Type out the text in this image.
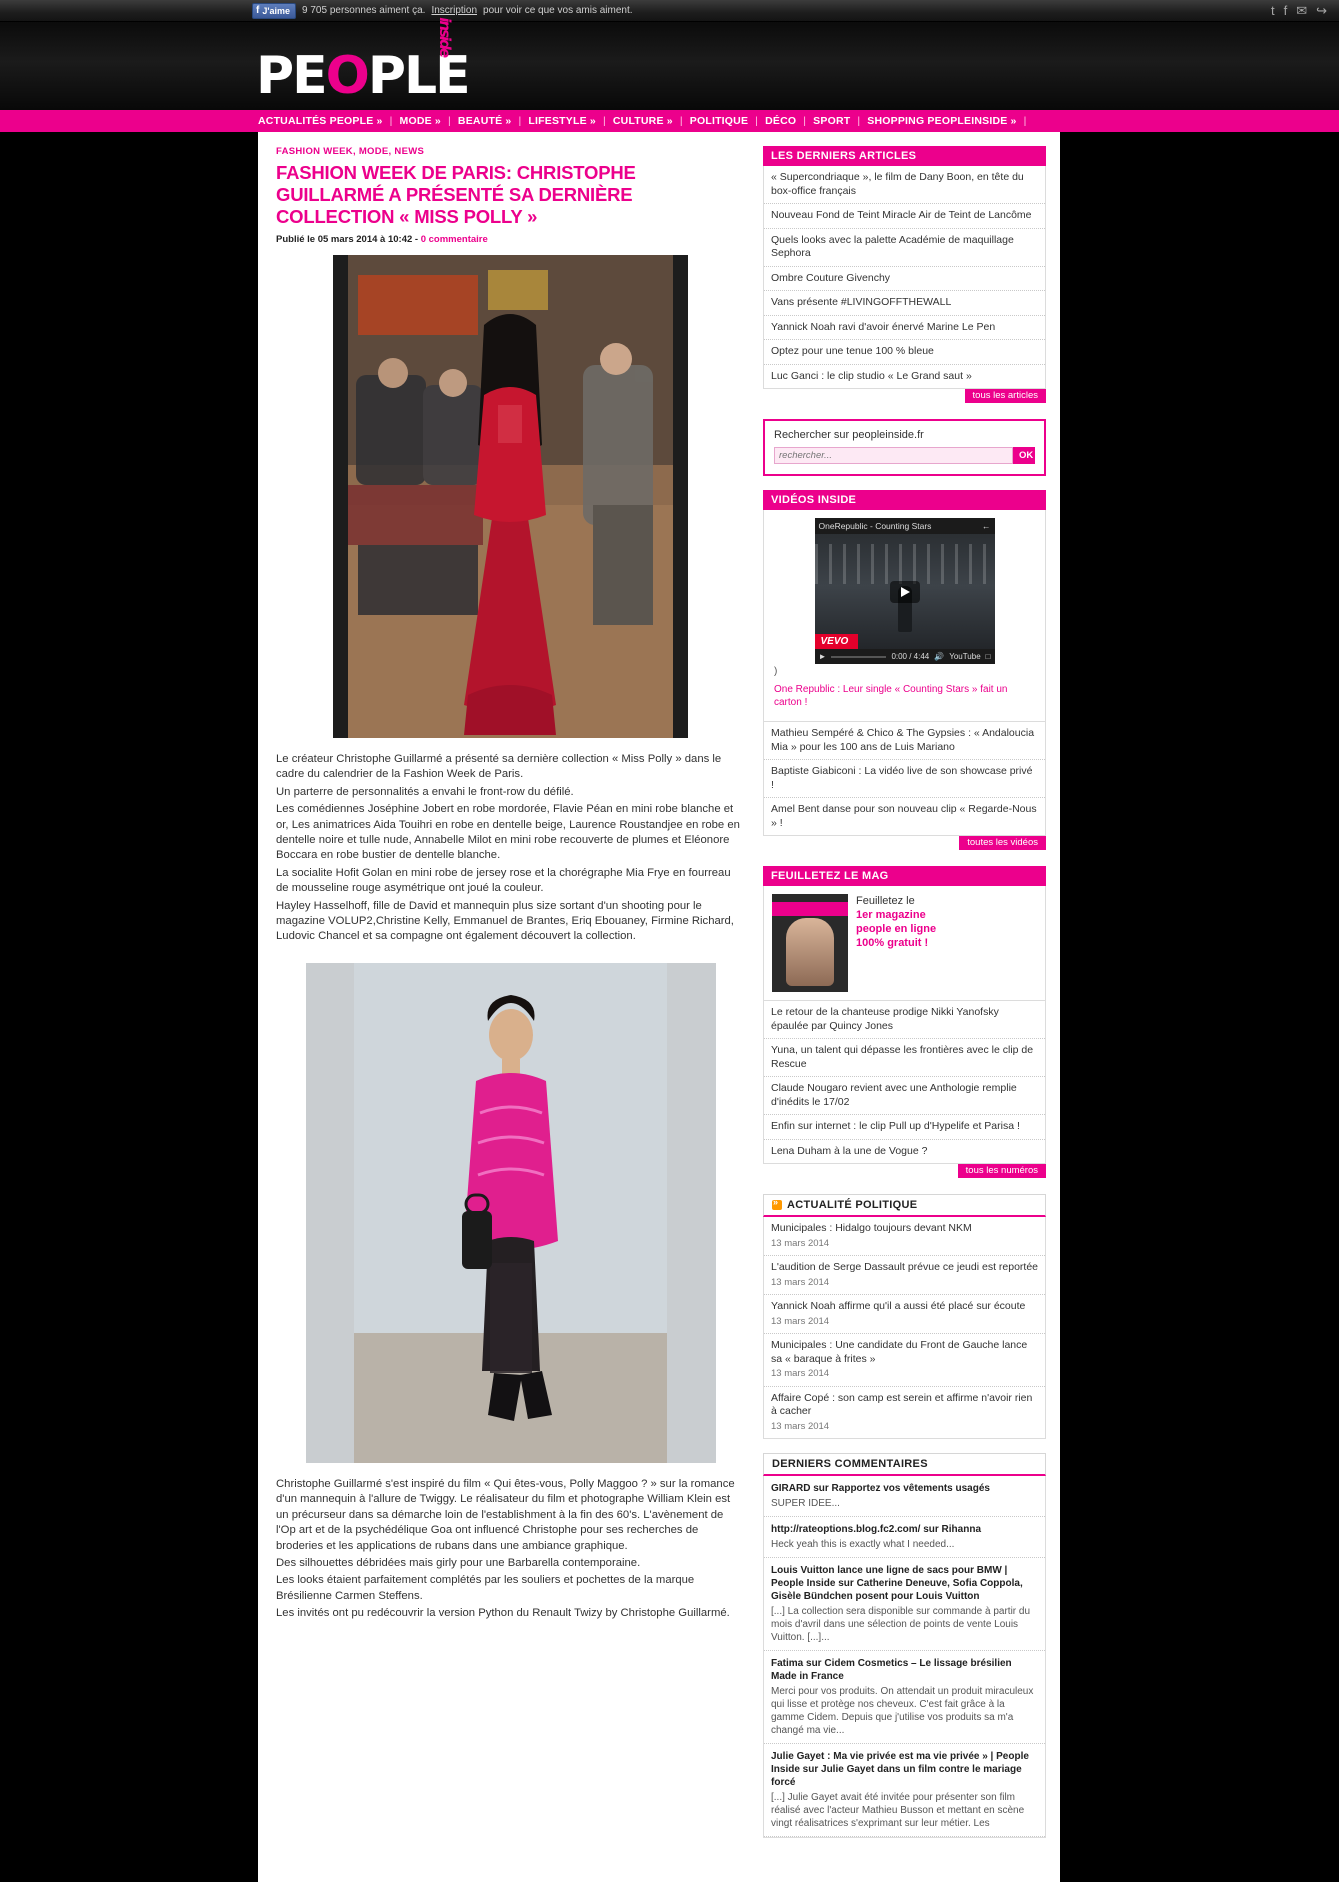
f J'aime 9 705 personnes aiment ça. Inscription pour voir ce que vos amis aiment.	t f ✉ ↪
PEOPLE
inside
ACTUALITÉS PEOPLE » | MODE » | BEAUTÉ » | LIFESTYLE » | CULTURE » | POLITIQUE | DÉCO | SPORT | SHOPPING PEOPLEINSIDE » |
FASHION WEEK, MODE, NEWS
FASHION WEEK DE PARIS: CHRISTOPHE GUILLARMÉ A PRÉSENTÉ SA DERNIÈRE COLLECTION « MISS POLLY »
Publié le 05 mars 2014 à 10:42 - 0 commentaire

Le créateur Christophe Guillarmé a présenté sa dernière collection « Miss Polly » dans le cadre du calendrier de la Fashion Week de Paris.

Un parterre de personnalités a envahi le front-row du défilé.

Les comédiennes Joséphine Jobert en robe mordorée, Flavie Péan en mini robe blanche et or, Les animatrices Aida Touihri en robe en dentelle beige, Laurence Roustandjee en robe en dentelle noire et tulle nude, Annabelle Milot en mini robe recouverte de plumes et Eléonore Boccara en robe bustier de dentelle blanche.

La socialite Hofit Golan en mini robe de jersey rose et la chorégraphe Mia Frye en fourreau de mousseline rouge asymétrique ont joué la couleur.

Hayley Hasselhoff, fille de David et mannequin plus size sortant d'un shooting pour le magazine VOLUP2,Christine Kelly, Emmanuel de Brantes, Eriq Ebouaney, Firmine Richard, Ludovic Chancel et sa compagne ont également découvert la collection.

Christophe Guillarmé s'est inspiré du film « Qui êtes-vous, Polly Maggoo ? » sur la romance d'un mannequin à l'allure de Twiggy. Le réalisateur du film et photographe William Klein est un précurseur dans sa démarche loin de l'establishment à la fin des 60's. L'avènement de l'Op art et de la psychédélique Goa ont influencé Christophe pour ses recherches de broderies et les applications de rubans dans une ambiance graphique.

Des silhouettes débridées mais girly pour une Barbarella contemporaine.

Les looks étaient parfaitement complétés par les souliers et pochettes de la marque Brésilienne Carmen Steffens.

Les invités ont pu redécouvrir la version Python du Renault Twizy by Christophe Guillarmé.

LES DERNIERS ARTICLES
« Supercondriaque », le film de Dany Boon, en tête du box-office français
Nouveau Fond de Teint Miracle Air de Teint de Lancôme
Quels looks avec la palette Académie de maquillage Sephora
Ombre Couture Givenchy
Vans présente #LIVINGOFFTHEWALL
Yannick Noah ravi d'avoir énervé Marine Le Pen
Optez pour une tenue 100 % bleue
Luc Ganci : le clip studio « Le Grand saut »
tous les articles
Rechercher sur peopleinside.fr
rechercher...
OK
VIDÉOS INSIDE
OneRepublic - Counting Stars	←
VEVO
►	0:00 / 4:44 🔊 YouTube □
)
One Republic : Leur single « Counting Stars » fait un carton !
Mathieu Sempéré & Chico & The Gypsies : « Andaloucia Mia » pour les 100 ans de Luis Mariano
Baptiste Giabiconi : La vidéo live de son showcase privé !
Amel Bent danse pour son nouveau clip « Regarde-Nous » !
toutes les vidéos
FEUILLETEZ LE MAG
Feuilletez le
1er magazine
people en ligne
100% gratuit !
Le retour de la chanteuse prodige Nikki Yanofsky épaulée par Quincy Jones
Yuna, un talent qui dépasse les frontières avec le clip de Rescue
Claude Nougaro revient avec une Anthologie remplie d'inédits le 17/02
Enfin sur internet : le clip Pull up d'Hypelife et Parisa !
Lena Duham à la une de Vogue ?
tous les numéros
»
ACTUALITÉ POLITIQUE
Municipales : Hidalgo toujours devant NKM
13 mars 2014
L'audition de Serge Dassault prévue ce jeudi est reportée
13 mars 2014
Yannick Noah affirme qu'il a aussi été placé sur écoute
13 mars 2014
Municipales : Une candidate du Front de Gauche lance sa « baraque à frites »
13 mars 2014
Affaire Copé : son camp est serein et affirme n'avoir rien à cacher
13 mars 2014
DERNIERS COMMENTAIRES
GIRARD sur Rapportez vos vêtements usagés
SUPER IDEE...
http://rateoptions.blog.fc2.com/ sur Rihanna
Heck yeah this is exactly what I needed...
Louis Vuitton lance une ligne de sacs pour BMW | People Inside sur Catherine Deneuve, Sofia Coppola, Gisèle Bündchen posent pour Louis Vuitton
[...] La collection sera disponible sur commande à partir du mois d'avril dans une sélection de points de vente Louis Vuitton. [...]...
Fatima sur Cidem Cosmetics – Le lissage brésilien Made in France
Merci pour vos produits. On attendait un produit miraculeux qui lisse et protège nos cheveux. C'est fait grâce à la gamme Cidem. Depuis que j'utilise vos produits sa m'a changé ma vie...
Julie Gayet : Ma vie privée est ma vie privée » | People Inside sur Julie Gayet dans un film contre le mariage forcé
[...] Julie Gayet avait été invitée pour présenter son film réalisé avec l'acteur Mathieu Busson et mettant en scène vingt réalisatrices s'exprimant sur leur métier. Les
